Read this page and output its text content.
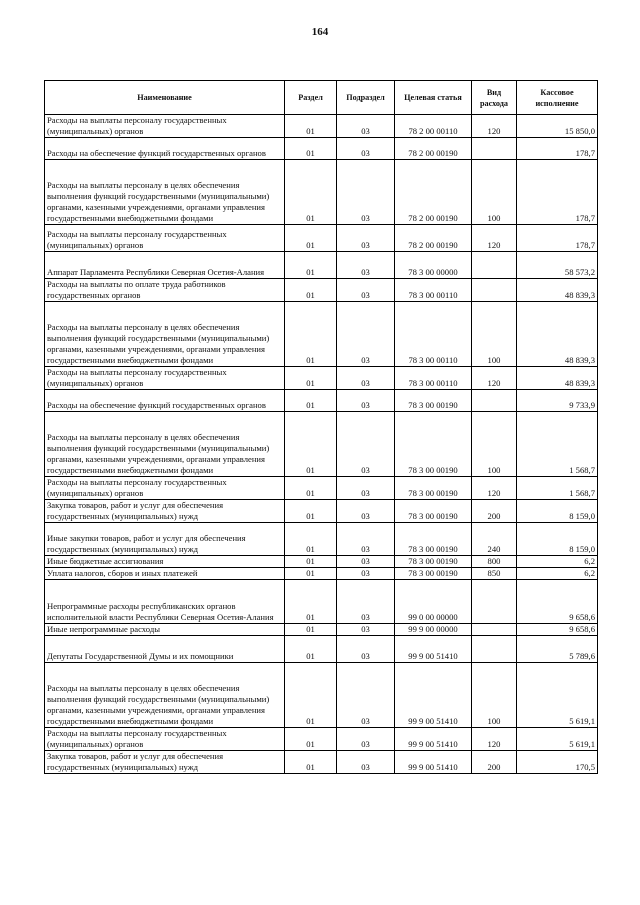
164
Наименование	Раздел	Подраздел	Целевая статья	Вид расхода	Кассовое исполнение
Расходы на выплаты персоналу государственных (муниципальных) органов	01	03	78 2 00 00110	120	15 850,0
Расходы на обеспечение функций государственных органов	01	03	78 2 00 00190		178,7
Расходы на выплаты персоналу в целях обеспечения выполнения функций государственными (муниципальными) органами, казенными учреждениями, органами управления государственными внебюджетными фондами	01	03	78 2 00 00190	100	178,7
Расходы на выплаты персоналу государственных (муниципальных) органов	01	03	78 2 00 00190	120	178,7
Аппарат Парламента Республики Северная Осетия-Алания	01	03	78 3 00 00000		58 573,2
Расходы на выплаты по оплате труда работников государственных органов	01	03	78 3 00 00110		48 839,3
Расходы на выплаты персоналу в целях обеспечения выполнения функций государственными (муниципальными) органами, казенными учреждениями, органами управления государственными внебюджетными фондами	01	03	78 3 00 00110	100	48 839,3
Расходы на выплаты персоналу государственных (муниципальных) органов	01	03	78 3 00 00110	120	48 839,3
Расходы на обеспечение функций государственных органов	01	03	78 3 00 00190		9 733,9
Расходы на выплаты персоналу в целях обеспечения выполнения функций государственными (муниципальными) органами, казенными учреждениями, органами управления государственными внебюджетными фондами	01	03	78 3 00 00190	100	1 568,7
Расходы на выплаты персоналу государственных (муниципальных) органов	01	03	78 3 00 00190	120	1 568,7
Закупка товаров, работ и услуг для обеспечения государственных (муниципальных) нужд	01	03	78 3 00 00190	200	8 159,0
Иные закупки товаров, работ и услуг для обеспечения государственных (муниципальных) нужд	01	03	78 3 00 00190	240	8 159,0
Иные бюджетные ассигнования	01	03	78 3 00 00190	800	6,2
Уплата налогов, сборов и иных платежей	01	03	78 3 00 00190	850	6,2
Непрограммные расходы республиканских органов исполнительной власти Республики Северная Осетия-Алания	01	03	99 0 00 00000		9 658,6
Иные непрограммные расходы	01	03	99 9 00 00000		9 658,6
Депутаты Государственной Думы и их помощники	01	03	99 9 00 51410		5 789,6
Расходы на выплаты персоналу в целях обеспечения выполнения функций государственными (муниципальными) органами, казенными учреждениями, органами управления государственными внебюджетными фондами	01	03	99 9 00 51410	100	5 619,1
Расходы на выплаты персоналу государственных (муниципальных) органов	01	03	99 9 00 51410	120	5 619,1
Закупка товаров, работ и услуг для обеспечения государственных (муниципальных) нужд	01	03	99 9 00 51410	200	170,5
